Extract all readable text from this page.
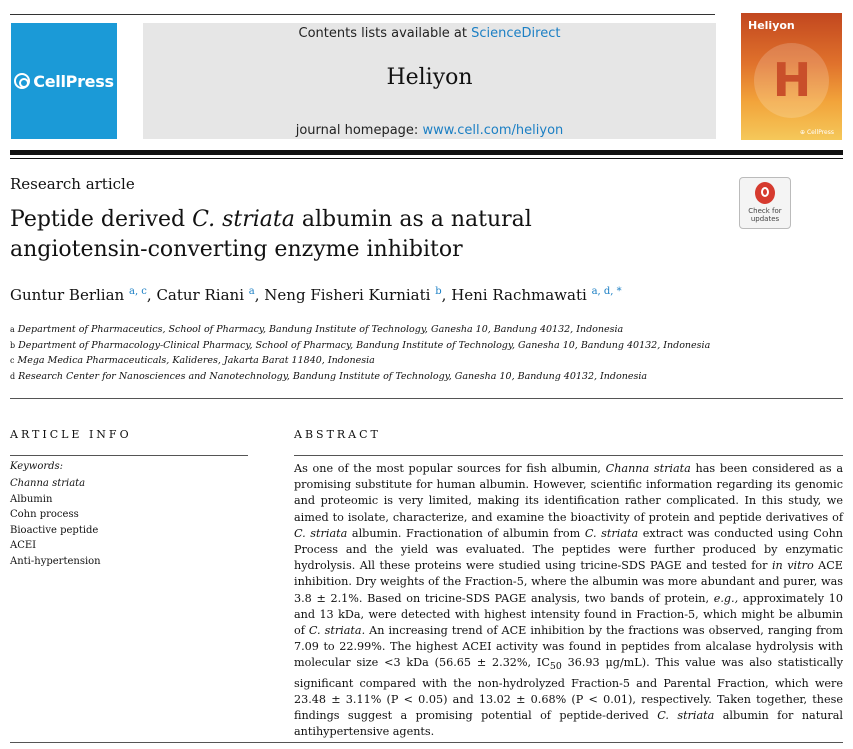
CellPress
Contents lists available at ScienceDirect
Heliyon
journal homepage: www.cell.com/heliyon
Heliyon
H
⊕ CellPress
Research article
Peptide derived C. striata albumin as a natural
angiotensin-converting enzyme inhibitor
Check for updates
Guntur Berlian $^{a, c}$, Catur Riani $^a$, Neng Fisheri Kurniati $^b$, Heni Rachmawati $^{a, d, *}$
$^a$ Department of Pharmaceutics, School of Pharmacy, Bandung Institute of Technology, Ganesha 10, Bandung 40132, Indonesia
$^b$ Department of Pharmacology-Clinical Pharmacy, School of Pharmacy, Bandung Institute of Technology, Ganesha 10, Bandung 40132, Indonesia
$^c$ Mega Medica Pharmaceuticals, Kalideres, Jakarta Barat 11840, Indonesia
$^d$ Research Center for Nanosciences and Nanotechnology, Bandung Institute of Technology, Ganesha 10, Bandung 40132, Indonesia
ARTICLE INFO	ABSTRACT
Keywords:
Channa striata
Albumin
Cohn process
Bioactive peptide
ACEI
Anti-hypertension
As one of the most popular sources for fish albumin, Channa striata has been considered as a promising substitute for human albumin. However, scientific information regarding its genomic and proteomic is very limited, making its identification rather complicated. In this study, we aimed to isolate, characterize, and examine the bioactivity of protein and peptide derivatives of C. striata albumin. Fractionation of albumin from C. striata extract was conducted using Cohn Process and the yield was evaluated. The peptides were further produced by enzymatic hydrolysis. All these proteins were studied using tricine-SDS PAGE and tested for in vitro ACE inhibition. Dry weights of the Fraction-5, where the albumin was more abundant and purer, was 3.8 ± 2.1%. Based on tricine-SDS PAGE analysis, two bands of protein, e.g., approximately 10 and 13 kDa, were detected with highest intensity found in Fraction-5, which might be albumin of C. striata. An increasing trend of ACE inhibition by the fractions was observed, ranging from 7.09 to 22.99%. The highest ACEI activity was found in peptides from alcalase hydrolysis with molecular size <3 kDa (56.65 ± 2.32%, $IC_{50}$ 36.93 μg/mL). This value was also statistically significant compared with the non-hydrolyzed Fraction-5 and Parental Fraction, which were 23.48 ± 3.11% (P < 0.05) and 13.02 ± 0.68% (P < 0.01), respectively. Taken together, these findings suggest a promising potential of peptide-derived C. striata albumin for natural antihypertensive agents.
